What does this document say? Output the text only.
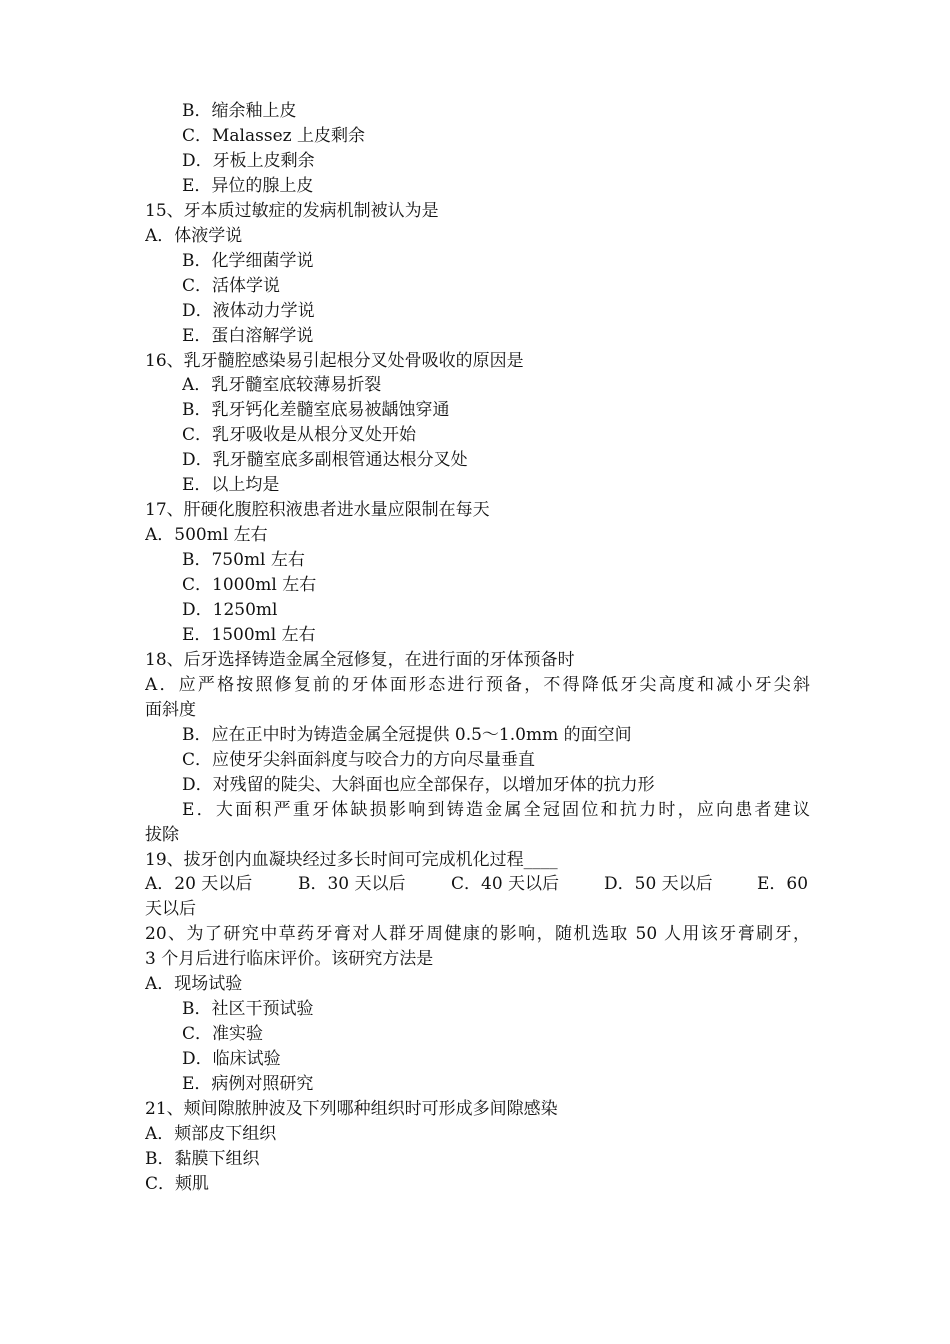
B．缩余釉上皮
C．Malassez 上皮剩余
D．牙板上皮剩余
E．异位的腺上皮
15、牙本质过敏症的发病机制被认为是
A．体液学说
B．化学细菌学说
C．活体学说
D．液体动力学说
E．蛋白溶解学说
16、乳牙髓腔感染易引起根分叉处骨吸收的原因是
A．乳牙髓室底较薄易折裂
B．乳牙钙化差髓室底易被龋蚀穿通
C．乳牙吸收是从根分叉处开始
D．乳牙髓室底多副根管通达根分叉处
E．以上均是
17、肝硬化腹腔积液患者进水量应限制在每天
A．500ml 左右
B．750ml 左右
C．1000ml 左右
D．1250ml
E．1500ml 左右
18、后牙选择铸造金属全冠修复，在进行面的牙体预备时
A．应严格按照修复前的牙体面形态进行预备，不得降低牙尖高度和减小牙尖斜
面斜度
B．应在正中时为铸造金属全冠提供 0.5～1.0mm 的面空间
C．应使牙尖斜面斜度与咬合力的方向尽量垂直
D．对残留的陡尖、大斜面也应全部保存，以增加牙体的抗力形
E．大面积严重牙体缺损影响到铸造金属全冠固位和抗力时，应向患者建议
拔除
19、拔牙创内血凝块经过多长时间可完成机化过程____
A．20 天以后	B．30 天以后	C．40 天以后	D．50 天以后	E．60
天以后
20、为了研究中草药牙膏对人群牙周健康的影响，随机选取 50 人用该牙膏刷牙，
3 个月后进行临床评价。该研究方法是
A．现场试验
B．社区干预试验
C．准实验
D．临床试验
E．病例对照研究
21、颊间隙脓肿波及下列哪种组织时可形成多间隙感染
A．颊部皮下组织
B．黏膜下组织
C．颊肌
